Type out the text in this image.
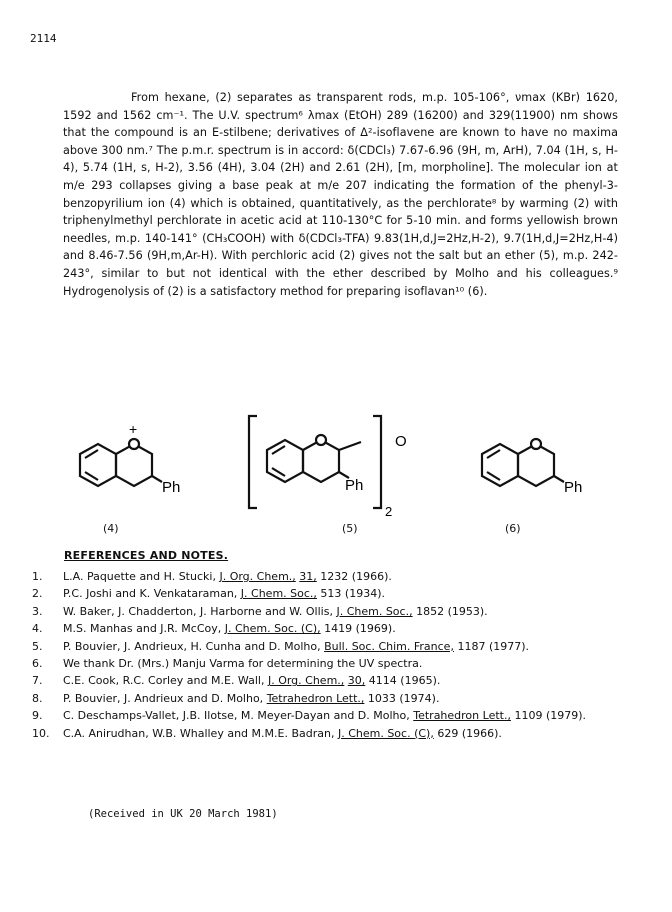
2114

From hexane, (2) separates as transparent rods, m.p. 105-106°, νmax (KBr) 1620, 1592 and 1562 cm⁻¹. The U.V. spectrum⁶ λmax (EtOH) 289 (16200) and 329(11900) nm shows that the compound is an E-stilbene; derivatives of Δ²-isoflavene are known to have no maxima above 300 nm.⁷ The p.m.r. spectrum is in accord: δ(CDCl₃) 7.67-6.96 (9H, m, ArH), 7.04 (1H, s, H-4), 5.74 (1H, s, H-2), 3.56 (4H), 3.04 (2H) and 2.61 (2H), [m, morpholine]. The molecular ion at m/e 293 collapses giving a base peak at m/e 207 indicating the formation of the phenyl-3-benzopyrilium ion (4) which is obtained, quantitatively, as the perchlorate⁸ by warming (2) with triphenylmethyl perchlorate in acetic acid at 110-130°C for 5-10 min. and forms yellowish brown needles, m.p. 140-141° (CH₃COOH) with δ(CDCl₃-TFA) 9.83(1H,d,J=2Hz,H-2), 9.7(1H,d,J=2Hz,H-4) and 8.46-7.56 (9H,m,Ar-H). With perchloric acid (2) gives not the salt but an ether (5), m.p. 242-243°, similar to but not identical with the ether described by Molho and his colleagues.⁹ Hydrogenolysis of (2) is a satisfactory method for preparing isoflavan¹⁰ (6).

Ph
+
(4)
O
Ph
2
(5)
Ph
(6)
REFERENCES AND NOTES.
1.	L.A. Paquette and H. Stucki, J. Org. Chem., 31, 1232 (1966).
2.	P.C. Joshi and K. Venkataraman, J. Chem. Soc., 513 (1934).
3.	W. Baker, J. Chadderton, J. Harborne and W. Ollis, J. Chem. Soc., 1852 (1953).
4.	M.S. Manhas and J.R. McCoy, J. Chem. Soc. (C), 1419 (1969).
5.	P. Bouvier, J. Andrieux, H. Cunha and D. Molho, Bull. Soc. Chim. France, 1187 (1977).
6.	We thank Dr. (Mrs.) Manju Varma for determining the UV spectra.
7.	C.E. Cook, R.C. Corley and M.E. Wall, J. Org. Chem., 30, 4114 (1965).
8.	P. Bouvier, J. Andrieux and D. Molho, Tetrahedron Lett., 1033 (1974).
9.	C. Deschamps-Vallet, J.B. Ilotse, M. Meyer-Dayan and D. Molho, Tetrahedron Lett., 1109 (1979).
10.	C.A. Anirudhan, W.B. Whalley and M.M.E. Badran, J. Chem. Soc. (C), 629 (1966).
(Received in UK 20 March 1981)
